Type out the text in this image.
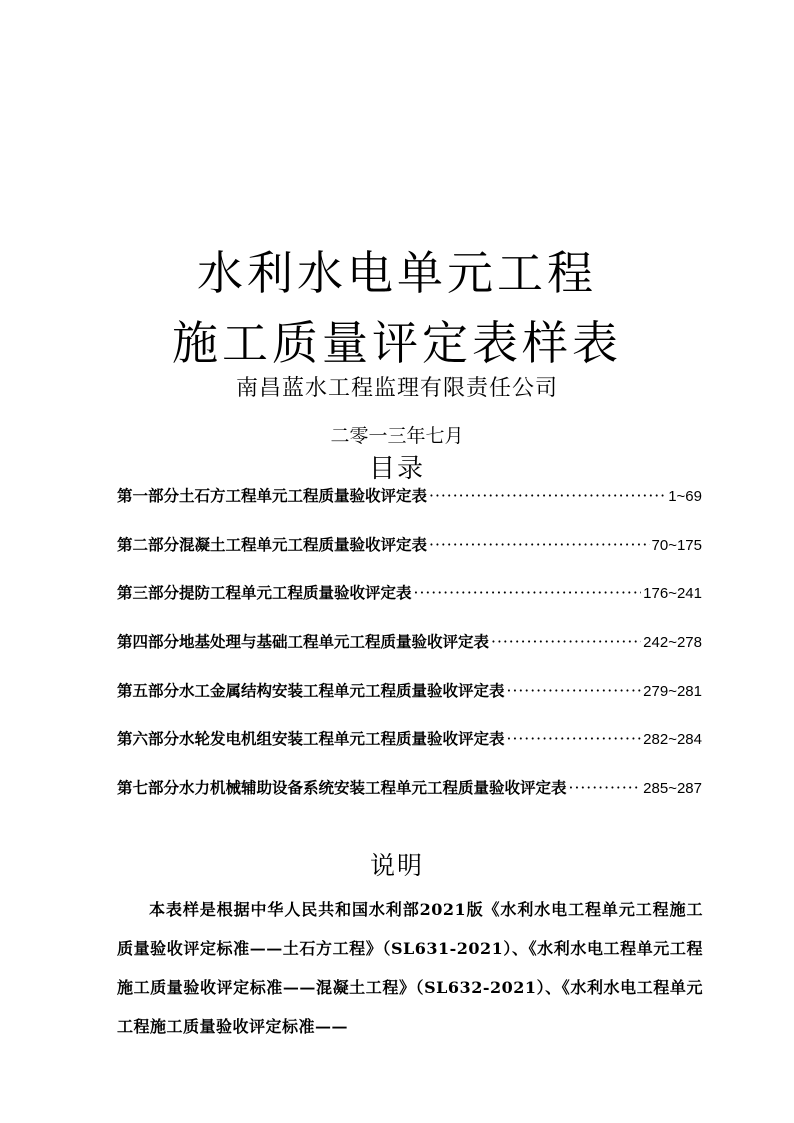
水利水电单元工程
施工质量评定表样表
南昌蓝水工程监理有限责任公司
二零一三年七月
目录
第一部分土石方工程单元工程质量验收评定表 ·····	1~69
第二部分混凝土工程单元工程质量验收评定表 ·····	70~175
第三部分提防工程单元工程质量验收评定表 ·····	176~241
第四部分地基处理与基础工程单元工程质量验收评定表 ·····	242~278
第五部分水工金属结构安装工程单元工程质量验收评定表 ·····	279~281
第六部分水轮发电机组安装工程单元工程质量验收评定表 ·····	282~284
第七部分水力机械辅助设备系统安装工程单元工程质量验收评定表 ·····	285~287
说明
本表样是根据中华人民共和国水利部2021版《水利水电工程单元工程施工质量验收评定标准——土石方工程》（SL631-2021）、《水利水电工程单元工程施工质量验收评定标准——混凝土工程》（SL632-2021）、《水利水电工程单元工程施工质量验收评定标准——
